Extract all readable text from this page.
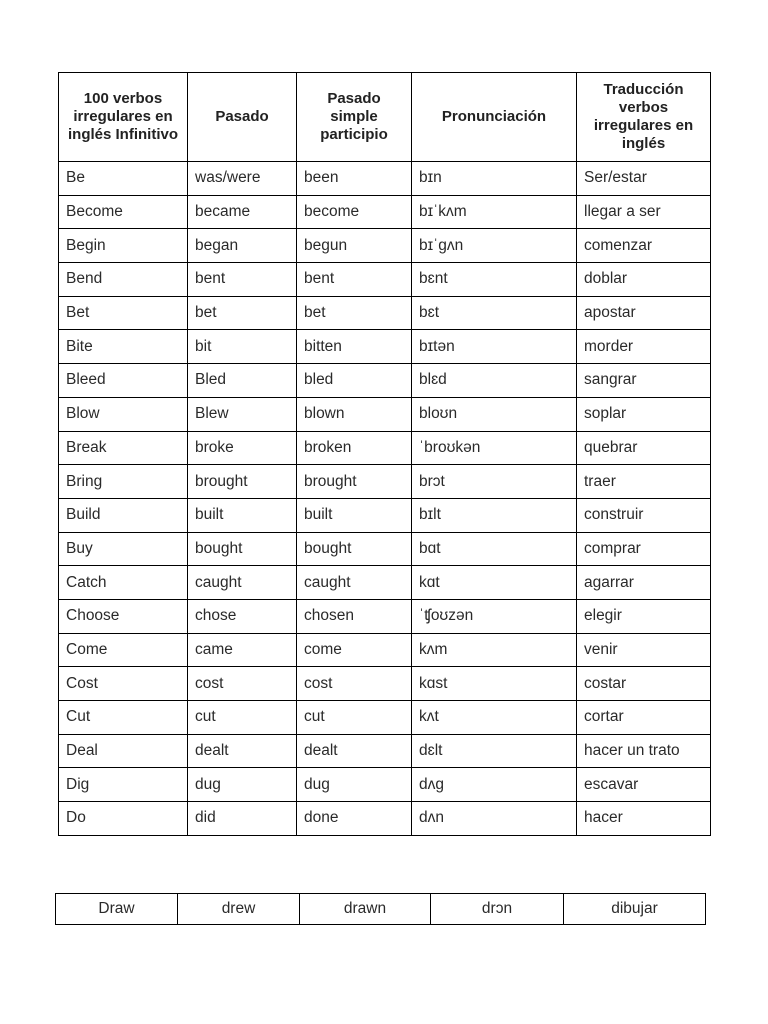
100 verbos irregulares en inglés Infinitivo	Pasado	Pasado simple participio	Pronunciación	Traducción verbos irregulares en inglés
Be	was/were	been	bɪn	Ser/estar
Become	became	become	bɪˈkʌm	llegar a ser
Begin	began	begun	bɪˈɡʌn	comenzar
Bend	bent	bent	bɛnt	doblar
Bet	bet	bet	bɛt	apostar
Bite	bit	bitten	bɪtən	morder
Bleed	Bled	bled	blɛd	sangrar
Blow	Blew	blown	bloʊn	soplar
Break	broke	broken	ˈbroʊkən	quebrar
Bring	brought	brought	brɔt	traer
Build	built	built	bɪlt	construir
Buy	bought	bought	bɑt	comprar
Catch	caught	caught	kɑt	agarrar
Choose	chose	chosen	ˈʧoʊzən	elegir
Come	came	come	kʌm	venir
Cost	cost	cost	kɑst	costar
Cut	cut	cut	kʌt	cortar
Deal	dealt	dealt	dɛlt	hacer un trato
Dig	dug	dug	dʌɡ	escavar
Do	did	done	dʌn	hacer
Draw	drew	drawn	drɔn	dibujar
